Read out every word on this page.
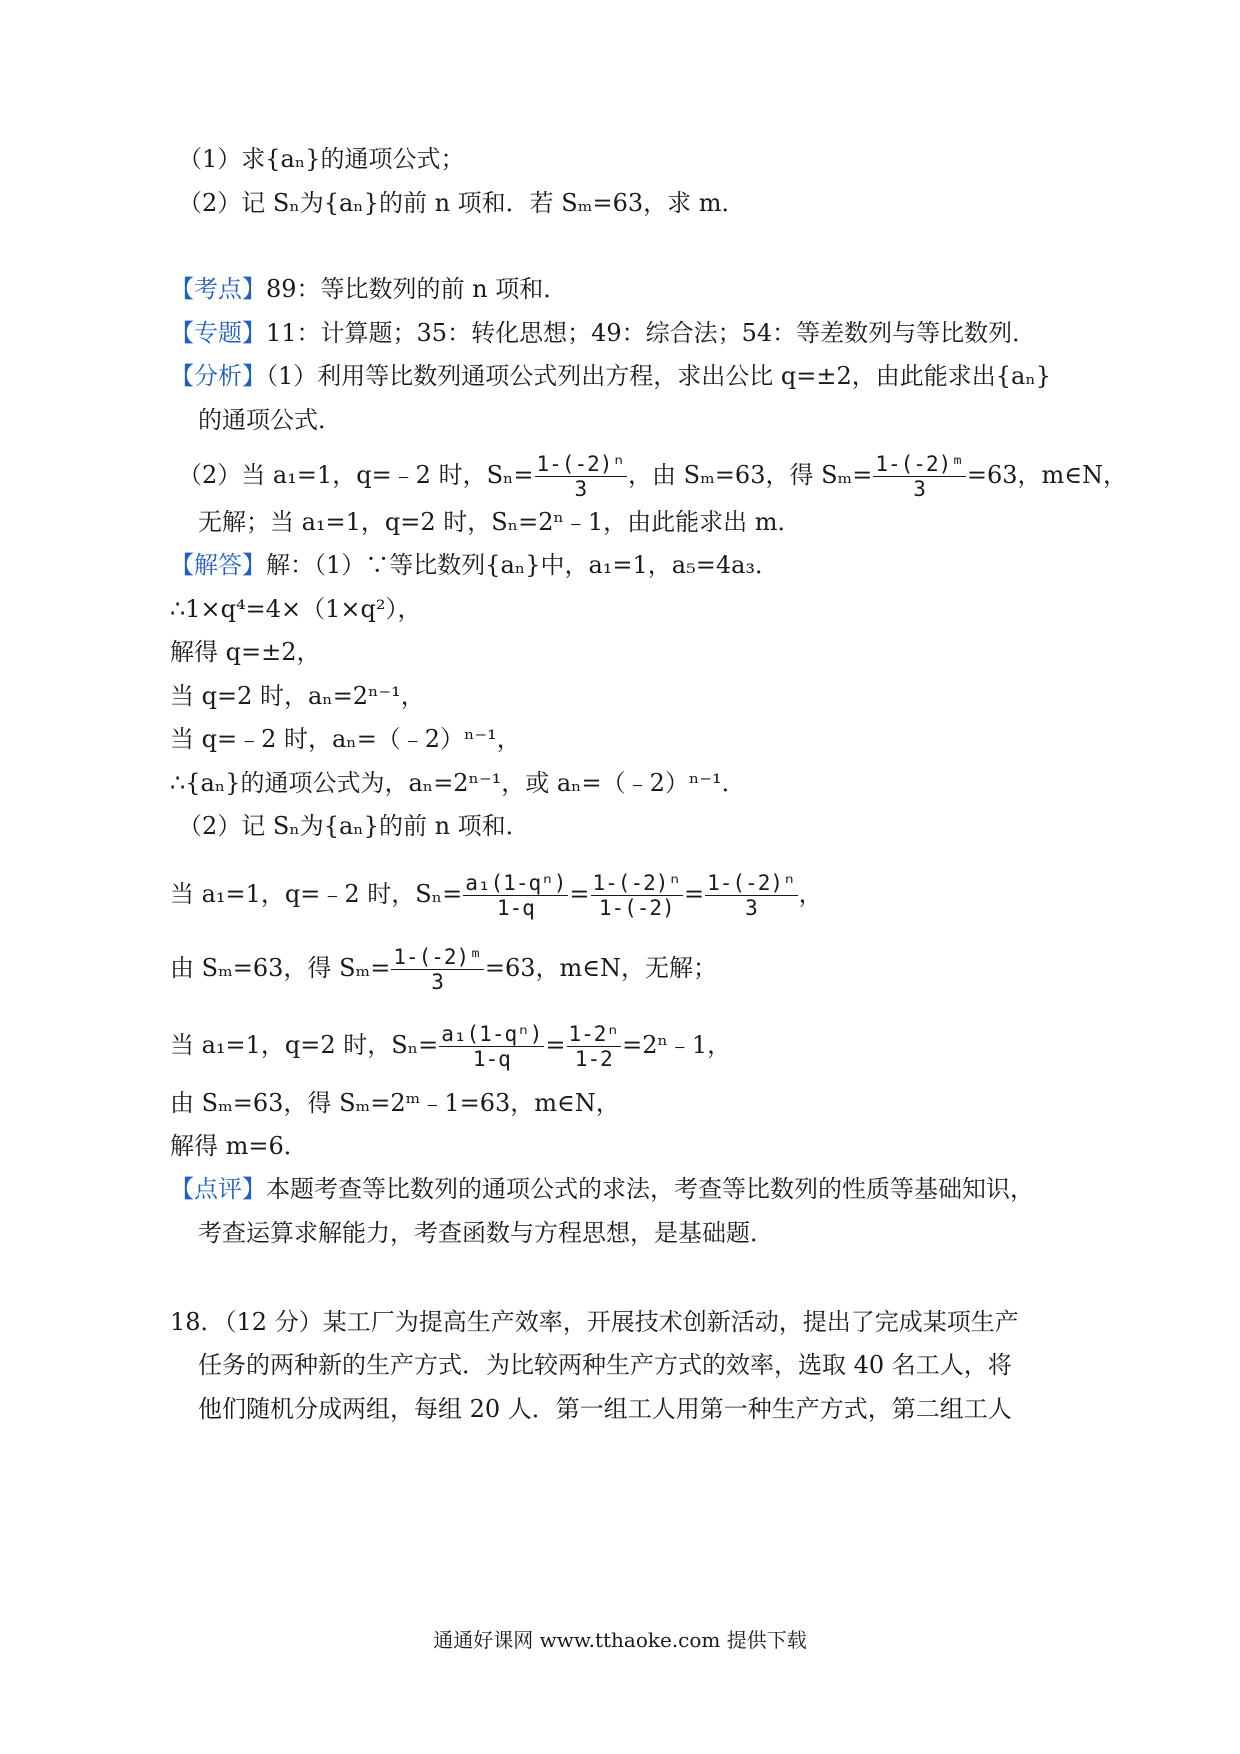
（1）求{aₙ}的通项公式；
（2）记 Sₙ为{aₙ}的前 n 项和．若 Sₘ=63，求 m．
【考点】89：等比数列的前 n 项和．
【专题】11：计算题；35：转化思想；49：综合法；54：等差数列与等比数列．
【分析】（1）利用等比数列通项公式列出方程，求出公比 q=±2，由此能求出{aₙ}
的通项公式．
（2）当 a₁=1，q=﹣2 时，$S_n= \frac{\text{1-(-2)ⁿ}}{3}$ ，由 Sₘ=63，得 $S_m= \frac{\text{1-(-2)ᵐ}}{3} =63$，m∈N，
无解；当 a₁=1，q=2 时，Sₙ=2ⁿ﹣1，由此能求出 m．
【解答】解：（1）∵等比数列{aₙ}中，a₁=1，a₅=4a₃．
∴1×q⁴=4×（1×q²），
解得 q=±2，
当 q=2 时，aₙ=2ⁿ⁻¹，
当 q=﹣2 时，aₙ=（﹣2）ⁿ⁻¹，
∴{aₙ}的通项公式为，aₙ=2ⁿ⁻¹，或 aₙ=（﹣2）ⁿ⁻¹．
（2）记 Sₙ为{aₙ}的前 n 项和．
当 a₁=1，q=﹣2 时，$S_n= \frac{\text{a₁(1-qⁿ)}}{1-q} = \frac{\text{1-(-2)ⁿ}}{1-(-2)} = \frac{\text{1-(-2)ⁿ}}{3}$ ，
由 Sₘ=63，得 $S_m= \frac{\text{1-(-2)ᵐ}}{3} =63$，m∈N，无解；
当 a₁=1，q=2 时，$S_n= \frac{\text{a₁(1-qⁿ)}}{1-q} = \frac{\text{1-2ⁿ}}{1-2}$ =2ⁿ﹣1，
由 Sₘ=63，得 Sₘ=2ᵐ﹣1=63，m∈N，
解得 m=6．
【点评】本题考查等比数列的通项公式的求法，考查等比数列的性质等基础知识，
考查运算求解能力，考查函数与方程思想，是基础题．
18．（12 分）某工厂为提高生产效率，开展技术创新活动，提出了完成某项生产
任务的两种新的生产方式．为比较两种生产方式的效率，选取 40 名工人，将
他们随机分成两组，每组 20 人．第一组工人用第一种生产方式，第二组工人
通通好课网 www.tthaoke.com 提供下载
